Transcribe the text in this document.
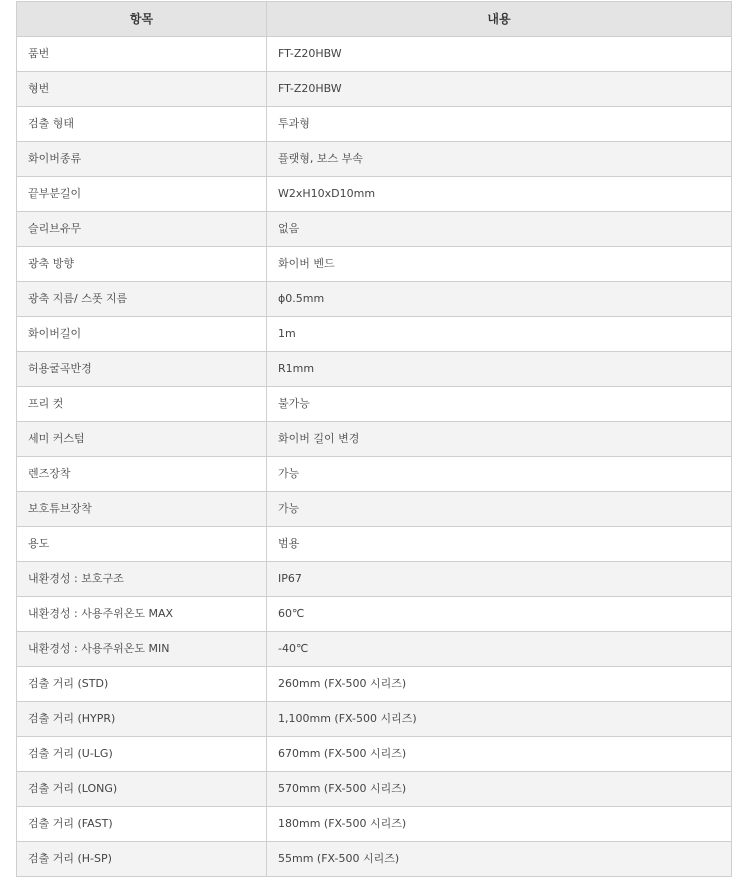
항목	내용
품번	FT-Z20HBW
형번	FT-Z20HBW
검출 형태	투과형
화이버종류	플랫형, 보스 부속
끝부분길이	W2xH10xD10mm
슬리브유무	없음
광축 방향	화이버 벤드
광축 지름/ 스폿 지름	ϕ0.5mm
화이버길이	1m
허용굴곡반경	R1mm
프리 컷	불가능
세미 커스텀	화이버 길이 변경
렌즈장착	가능
보호튜브장착	가능
용도	범용
내환경성 : 보호구조	IP67
내환경성 : 사용주위온도 MAX	60℃
내환경성 : 사용주위온도 MIN	-40℃
검출 거리 (STD)	260mm (FX-500 시리즈)
검출 거리 (HYPR)	1,100mm (FX-500 시리즈)
검출 거리 (U-LG)	670mm (FX-500 시리즈)
검출 거리 (LONG)	570mm (FX-500 시리즈)
검출 거리 (FAST)	180mm (FX-500 시리즈)
검출 거리 (H-SP)	55mm (FX-500 시리즈)
